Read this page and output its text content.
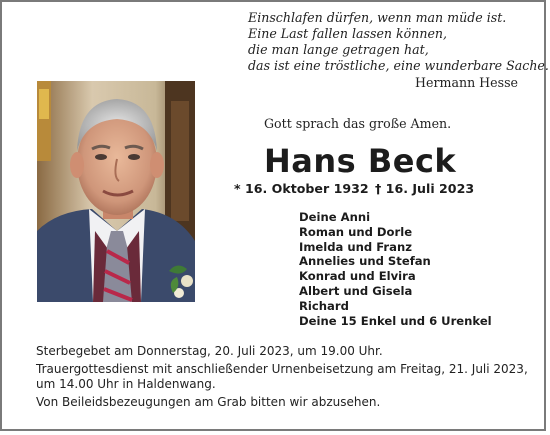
Einschlafen dürfen, wenn man müde ist.
Eine Last fallen lassen können,
die man lange getragen hat,
das ist eine tröstliche, eine wunderbare Sache.
Hermann Hesse
Gott sprach das große Amen.
Hans Beck
* 16. Oktober 1932 † 16. Juli 2023
Deine Anni
Roman und Dorle
Imelda und Franz
Annelies und Stefan
Konrad und Elvira
Albert und Gisela
Richard
Deine 15 Enkel und 6 Urenkel
Sterbegebet am Donnerstag, 20. Juli 2023, um 19.00 Uhr.
Trauergottesdienst mit anschließender Urnenbeisetzung am Freitag, 21. Juli 2023,
um 14.00 Uhr in Haldenwang.
Von Beileidsbezeugungen am Grab bitten wir abzusehen.
